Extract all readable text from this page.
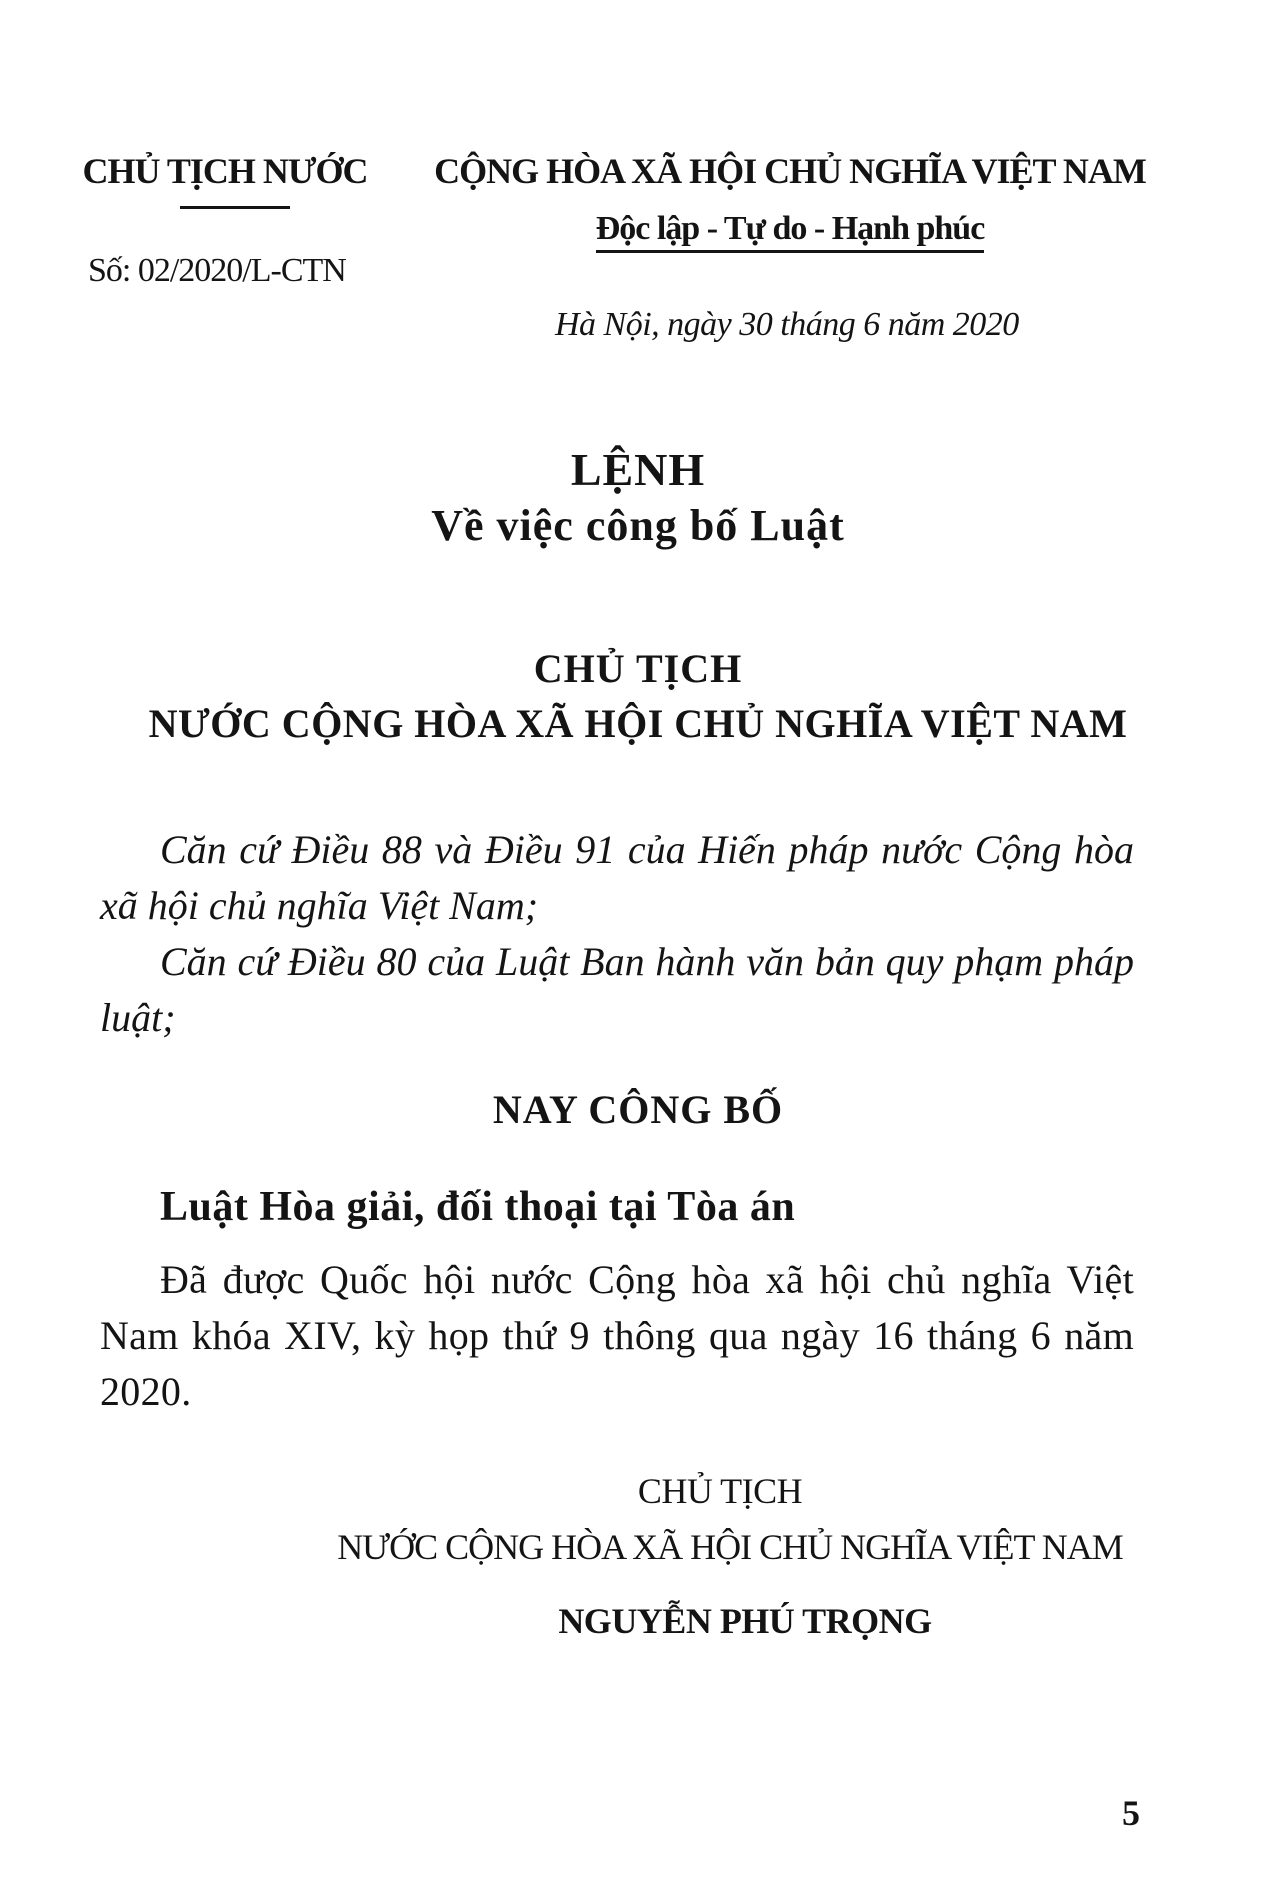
CHỦ TỊCH NƯỚC
Số: 02/2020/L-CTN
CỘNG HÒA XÃ HỘI CHỦ NGHĨA VIỆT NAM
Độc lập - Tự do - Hạnh phúc
Hà Nội, ngày 30 tháng 6 năm 2020
LỆNH
Về việc công bố Luật
CHỦ TỊCH
NƯỚC CỘNG HÒA XÃ HỘI CHỦ NGHĨA VIỆT NAM
Căn cứ Điều 88 và Điều 91 của Hiến pháp nước Cộng hòa xã hội chủ nghĩa Việt Nam;
Căn cứ Điều 80 của Luật Ban hành văn bản quy phạm pháp luật;
NAY CÔNG BỐ
Luật Hòa giải, đối thoại tại Tòa án
Đã được Quốc hội nước Cộng hòa xã hội chủ nghĩa Việt Nam khóa XIV, kỳ họp thứ 9 thông qua ngày 16 tháng 6 năm 2020.
CHỦ TỊCH
NƯỚC CỘNG HÒA XÃ HỘI CHỦ NGHĨA VIỆT NAM
NGUYỄN PHÚ TRỌNG
5
